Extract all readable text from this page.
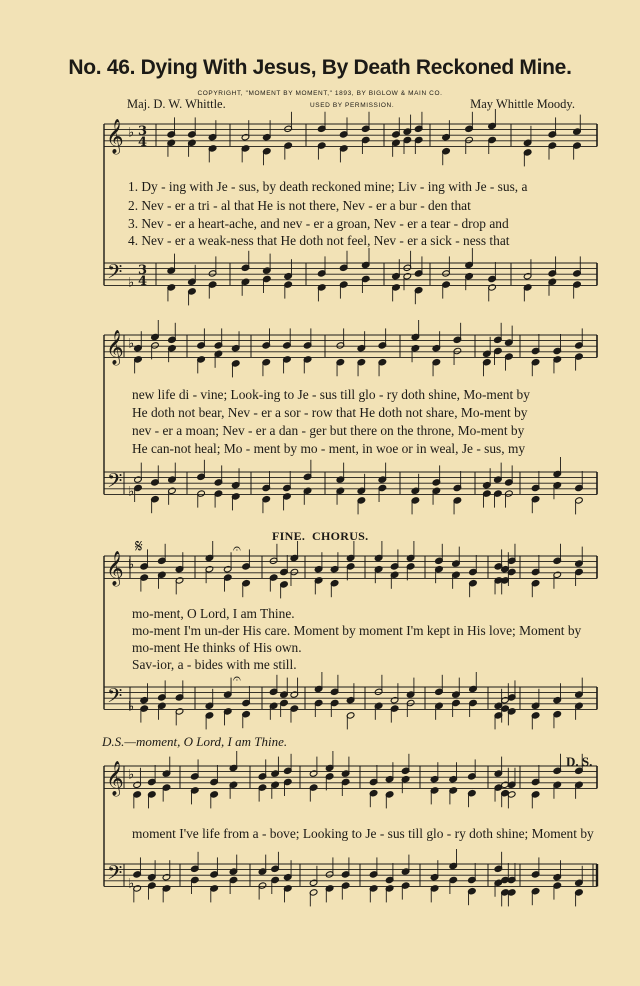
No. 46. Dying With Jesus, By Death Reckoned Mine.
COPYRIGHT, "MOMENT BY MOMENT," 1893, BY BIGLOW & MAIN CO.
Maj. D. W. Whittle.	USED BY PERMISSION.	May Whittle Moody.
𝄞
𝄢
♭
♭
3
4
3
4
𝄞
𝄢
♭
♭
𝄞
𝄢
♭
♭
𝄞
𝄢
♭
♭
𝄋	𝄐
𝄐
1. Dy - ing with Je - sus, by death reckoned mine; Liv - ing with Je - sus, a
2. Nev - er a tri - al that He is not there, Nev - er a bur - den that
3. Nev - er a heart-ache, and nev - er a groan, Nev - er a tear - drop and
4. Nev - er a weak-ness that He doth not feel, Nev - er a sick - ness that
new life di - vine; Look-ing to Je - sus till glo - ry doth shine, Mo-ment by
He doth not bear, Nev - er a sor - row that He doth not share, Mo-ment by
nev - er a moan; Nev - er a dan - ger but there on the throne, Mo-ment by
He can-not heal; Mo - ment by mo - ment, in woe or in weal, Je - sus, my
FINE. CHORUS.
mo-ment, O Lord, I am Thine.
mo-ment I'm un-der His care. Moment by moment I'm kept in His love; Moment by
mo-ment He thinks of His own.
Sav-ior, a - bides with me still.
D.S.—moment, O Lord, I am Thine.
D. S.
moment I've life from a - bove; Looking to Je - sus till glo - ry doth shine; Moment by
